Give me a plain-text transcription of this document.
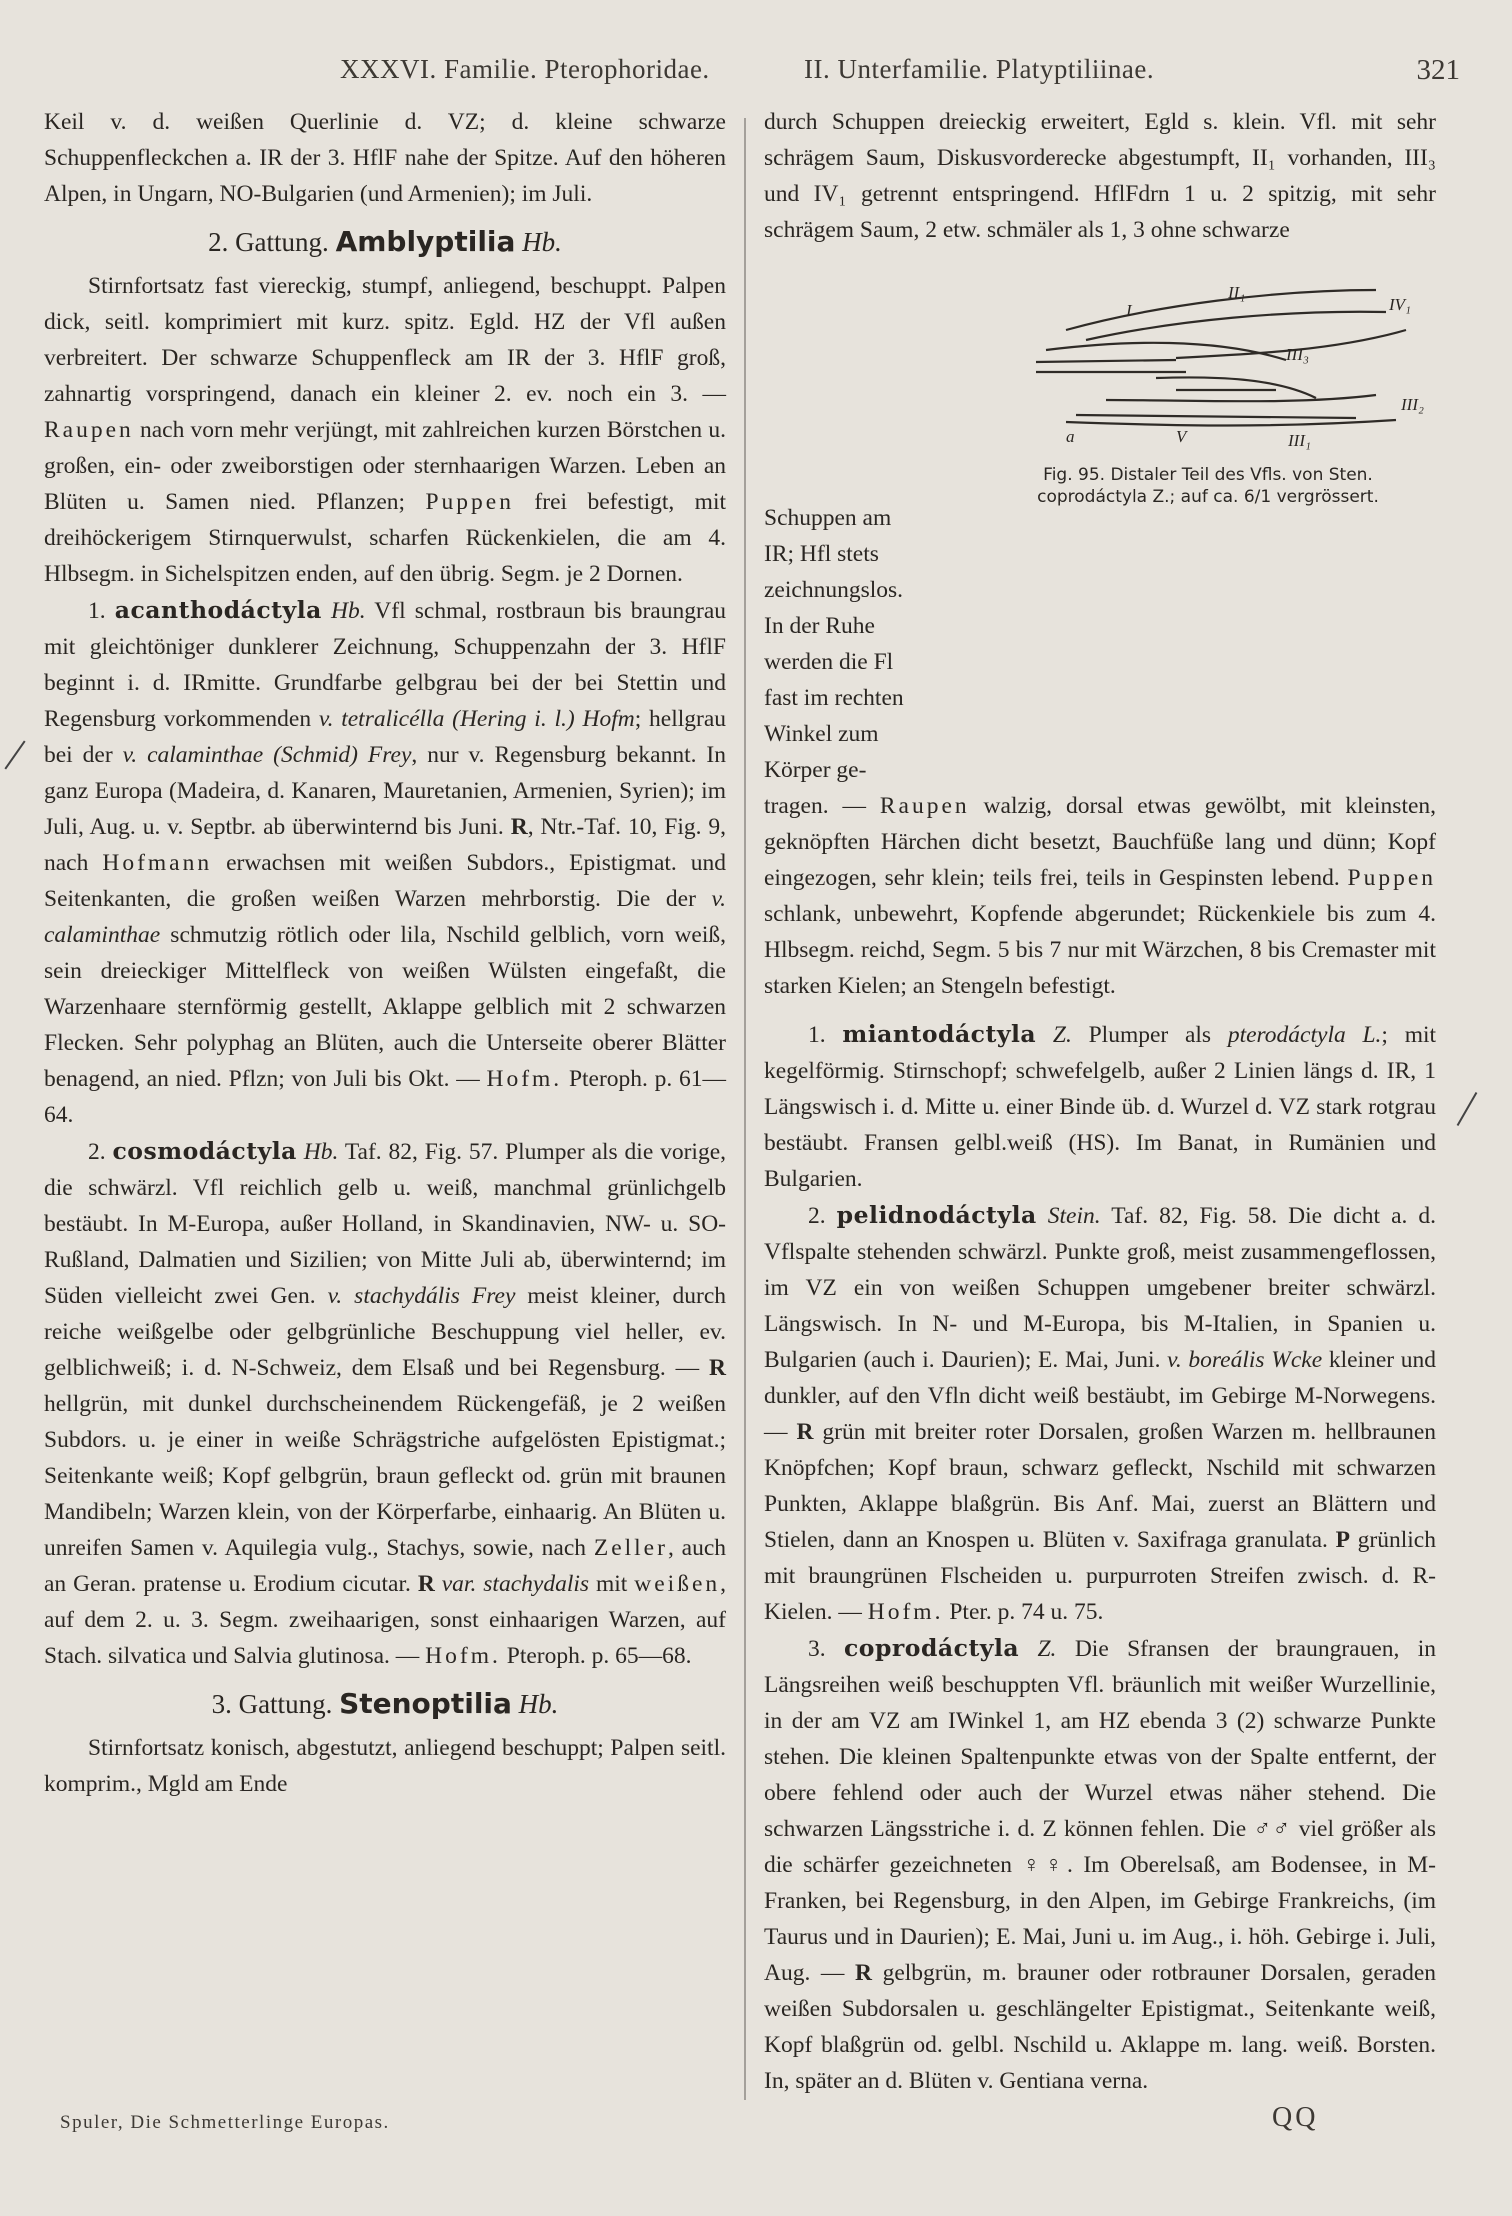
XXXVI. Familie. Pterophoridae.	II. Unterfamilie. Platyptiliinae.	321

Keil v. d. weißen Querlinie d. VZ; d. kleine schwarze Schuppenfleckchen a. IR der 3. HflF nahe der Spitze. Auf den höheren Alpen, in Ungarn, NO-Bulgarien (und Armenien); im Juli.

2. Gattung. Amblyptilia Hb.

Stirnfortsatz fast viereckig, stumpf, anliegend, beschuppt. Palpen dick, seitl. komprimiert mit kurz. spitz. Egld. HZ der Vfl außen verbreitert. Der schwarze Schuppenfleck am IR der 3. HflF groß, zahnartig vorspringend, danach ein kleiner 2. ev. noch ein 3. — Raupen nach vorn mehr verjüngt, mit zahlreichen kurzen Börstchen u. großen, ein- oder zweiborstigen oder sternhaarigen Warzen. Leben an Blüten u. Samen nied. Pflanzen; Puppen frei befestigt, mit dreihöckerigem Stirnquerwulst, scharfen Rückenkielen, die am 4. Hlbsegm. in Sichelspitzen enden, auf den übrig. Segm. je 2 Dornen.

1. acanthodáctyla Hb. Vfl schmal, rostbraun bis braungrau mit gleichtöniger dunklerer Zeichnung, Schuppenzahn der 3. HflF beginnt i. d. IRmitte. Grundfarbe gelbgrau bei der bei Stettin und Regensburg vorkommenden v. tetralicélla (Hering i. l.) Hofm; hellgrau bei der v. calaminthae (Schmid) Frey, nur v. Regensburg bekannt. In ganz Europa (Madeira, d. Kanaren, Mauretanien, Armenien, Syrien); im Juli, Aug. u. v. Septbr. ab überwinternd bis Juni. R, Ntr.-Taf. 10, Fig. 9, nach Hofmann erwachsen mit weißen Subdors., Epistigmat. und Seitenkanten, die großen weißen Warzen mehrborstig. Die der v. calaminthae schmutzig rötlich oder lila, Nschild gelblich, vorn weiß, sein dreieckiger Mittelfleck von weißen Wülsten eingefaßt, die Warzenhaare sternförmig gestellt, Aklappe gelblich mit 2 schwarzen Flecken. Sehr polyphag an Blüten, auch die Unterseite oberer Blätter benagend, an nied. Pflzn; von Juli bis Okt. — Hofm. Pteroph. p. 61—64.

2. cosmodáctyla Hb. Taf. 82, Fig. 57. Plumper als die vorige, die schwärzl. Vfl reichlich gelb u. weiß, manchmal grünlichgelb bestäubt. In M-Europa, außer Holland, in Skandinavien, NW- u. SO-Rußland, Dalmatien und Sizilien; von Mitte Juli ab, überwinternd; im Süden vielleicht zwei Gen. v. stachydális Frey meist kleiner, durch reiche weißgelbe oder gelbgrünliche Beschuppung viel heller, ev. gelblichweiß; i. d. N-Schweiz, dem Elsaß und bei Regensburg. — R hellgrün, mit dunkel durchscheinendem Rückengefäß, je 2 weißen Subdors. u. je einer in weiße Schrägstriche aufgelösten Epistigmat.; Seitenkante weiß; Kopf gelbgrün, braun gefleckt od. grün mit braunen Mandibeln; Warzen klein, von der Körperfarbe, einhaarig. An Blüten u. unreifen Samen v. Aquilegia vulg., Stachys, sowie, nach Zeller, auch an Geran. pratense u. Erodium cicutar. R var. stachydalis mit weißen, auf dem 2. u. 3. Segm. zweihaarigen, sonst einhaarigen Warzen, auf Stach. silvatica und Salvia glutinosa. — Hofm. Pteroph. p. 65—68.

3. Gattung. Stenoptilia Hb.

Stirnfortsatz konisch, abgestutzt, anliegend beschuppt; Palpen seitl. komprim., Mgld am Ende

durch Schuppen dreieckig erweitert, Egld s. klein. Vfl. mit sehr schrägem Saum, Diskusvorderecke abgestumpft, II₁ vorhanden, III₃ und IV₁ getrennt entspringend. HflFdrn 1 u. 2 spitzig, mit sehr schrägem Saum, 2 etw. schmäler als 1, 3 ohne schwarze

II₁
I	IV₁
III₃
III₂
a	V	III₁
Fig. 95. Distaler Teil des Vfls. von Sten.
coprodáctyla Z.; auf ca. 6/1 vergrössert.
Schuppen am
IR; Hfl stets
zeichnungslos.
In der Ruhe
werden die Fl
fast im rechten
Winkel zum
Körper ge-

tragen. — Raupen walzig, dorsal etwas gewölbt, mit kleinsten, geknöpften Härchen dicht besetzt, Bauchfüße lang und dünn; Kopf eingezogen, sehr klein; teils frei, teils in Gespinsten lebend. Puppen schlank, unbewehrt, Kopfende abgerundet; Rückenkiele bis zum 4. Hlbsegm. reichd, Segm. 5 bis 7 nur mit Wärzchen, 8 bis Cremaster mit starken Kielen; an Stengeln befestigt.

1. miantodáctyla Z. Plumper als pterodáctyla L.; mit kegelförmig. Stirnschopf; schwefelgelb, außer 2 Linien längs d. IR, 1 Längswisch i. d. Mitte u. einer Binde üb. d. Wurzel d. VZ stark rotgrau bestäubt. Fransen gelbl.weiß (HS). Im Banat, in Rumänien und Bulgarien.

2. pelidnodáctyla Stein. Taf. 82, Fig. 58. Die dicht a. d. Vflspalte stehenden schwärzl. Punkte groß, meist zusammengeflossen, im VZ ein von weißen Schuppen umgebener breiter schwärzl. Längswisch. In N- und M-Europa, bis M-Italien, in Spanien u. Bulgarien (auch i. Daurien); E. Mai, Juni. v. boreális Wcke kleiner und dunkler, auf den Vfln dicht weiß bestäubt, im Gebirge M-Norwegens. — R grün mit breiter roter Dorsalen, großen Warzen m. hellbraunen Knöpfchen; Kopf braun, schwarz gefleckt, Nschild mit schwarzen Punkten, Aklappe blaßgrün. Bis Anf. Mai, zuerst an Blättern und Stielen, dann an Knospen u. Blüten v. Saxifraga granulata. P grünlich mit braungrünen Flscheiden u. purpurroten Streifen zwisch. d. R-Kielen. — Hofm. Pter. p. 74 u. 75.

3. coprodáctyla Z. Die Sfransen der braungrauen, in Längsreihen weiß beschuppten Vfl. bräunlich mit weißer Wurzellinie, in der am VZ am IWinkel 1, am HZ ebenda 3 (2) schwarze Punkte stehen. Die kleinen Spaltenpunkte etwas von der Spalte entfernt, der obere fehlend oder auch der Wurzel etwas näher stehend. Die schwarzen Längsstriche i. d. Z können fehlen. Die ♂♂ viel größer als die schärfer gezeichneten ♀♀. Im Oberelsaß, am Bodensee, in M-Franken, bei Regensburg, in den Alpen, im Gebirge Frankreichs, (im Taurus und in Daurien); E. Mai, Juni u. im Aug., i. höh. Gebirge i. Juli, Aug. — R gelbgrün, m. brauner oder rotbrauner Dorsalen, geraden weißen Subdorsalen u. geschlängelter Epistigmat., Seitenkante weiß, Kopf blaßgrün od. gelbl. Nschild u. Aklappe m. lang. weiß. Borsten. In, später an d. Blüten v. Gentiana verna.

Spuler, Die Schmetterlinge Europas.	QQ
